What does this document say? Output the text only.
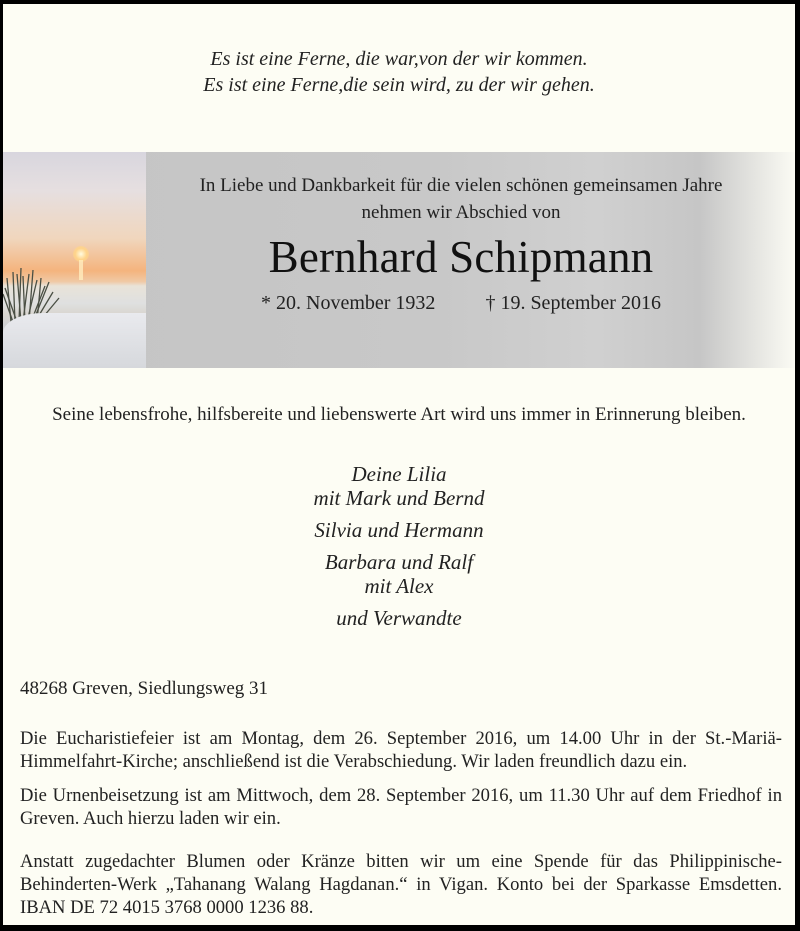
Es ist eine Ferne, die war,von der wir kommen.
Es ist eine Ferne,die sein wird, zu der wir gehen.
In Liebe und Dankbarkeit für die vielen schönen gemeinsamen Jahre
nehmen wir Abschied von
Bernhard Schipmann
* 20. November 1932	† 19. September 2016
Seine lebensfrohe, hilfsbereite und liebenswerte Art wird uns immer in Erinnerung bleiben.
Deine Lilia
mit Mark und Bernd
Silvia und Hermann
Barbara und Ralf
mit Alex
und Verwandte
48268 Greven, Siedlungsweg 31
Die Eucharistiefeier ist am Montag, dem 26. September 2016, um 14.00 Uhr in der St.-Mariä-Himmelfahrt-Kirche; anschließend ist die Verabschiedung. Wir laden freundlich dazu ein.
Die Urnenbeisetzung ist am Mittwoch, dem 28. September 2016, um 11.30 Uhr auf dem Friedhof in Greven. Auch hierzu laden wir ein.
Anstatt zugedachter Blumen oder Kränze bitten wir um eine Spende für das Philippinische-Behinderten-Werk „Tahanang Walang Hagdanan.“ in Vigan. Konto bei der Sparkasse Emsdetten. IBAN DE 72 4015 3768 0000 1236 88.
